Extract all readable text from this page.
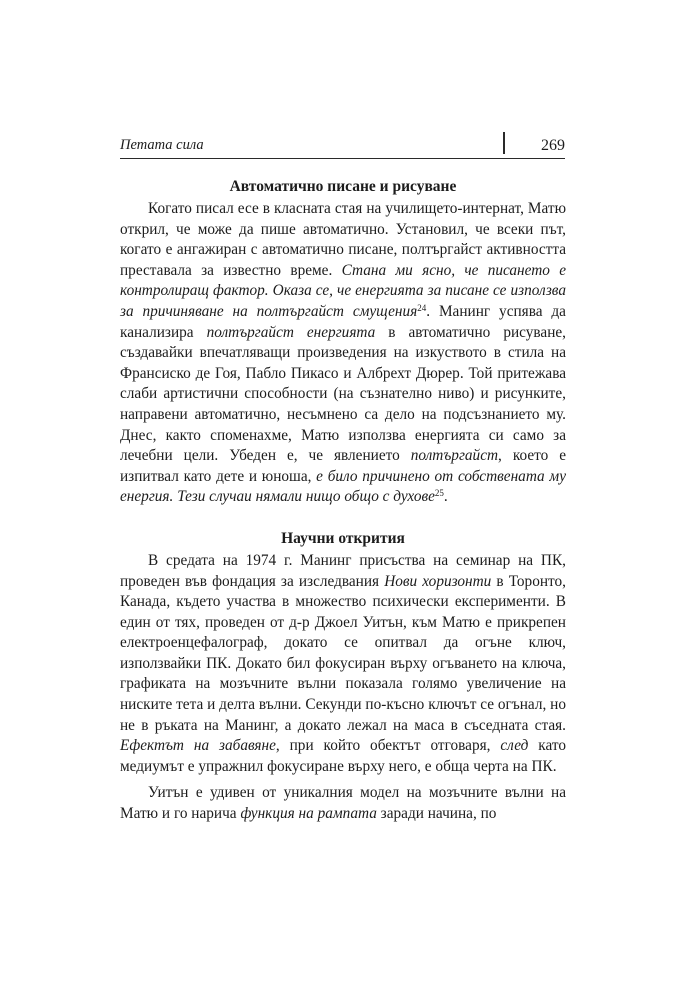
Петата сила	269
Автоматично писане и рисуване

Когато писал есе в класната стая на училището-интернат, Матю открил, че може да пише автоматично. Установил, че всеки път, когато е ангажиран с автоматично писане, полтъргайст активността преставала за известно време. Стана ми ясно, че писането е контролиращ фактор. Оказа се, че енергията за писане се използва за причиняване на полтъргайст смущения$^{24}$. Манинг успява да канализира полтъргайст енергията в автоматично рисуване, създавайки впечатляващи произведения на изкуството в стила на Франсиско де Гоя, Пабло Пикасо и Албрехт Дюрер. Той притежава слаби артистични способности (на съзнателно ниво) и рисунките, направени автоматично, несъмнено са дело на подсъзнанието му. Днес, както споменахме, Матю използва енергията си само за лечебни цели. Убеден е, че явлението полтъргайст, което е изпитвал като дете и юноша, е било причинено от собствената му енергия. Тези случаи нямали нищо общо с духове$^{25}$.

Научни открития

В средата на 1974 г. Манинг присъства на семинар на ПК, проведен във фондация за изследвания Нови хоризонти в Торонто, Канада, където участва в множество психически експерименти. В един от тях, проведен от д-р Джоел Уитън, към Матю е прикрепен електроенцефалограф, докато се опитвал да огъне ключ, използвайки ПК. Докато бил фокусиран върху огъването на ключа, графиката на мозъчните вълни показала голямо увеличение на ниските тета и делта вълни. Секунди по-късно ключът се огънал, но не в ръката на Манинг, а докато лежал на маса в съседната стая. Ефектът на забавяне, при който обектът отговаря, след като медиумът е упражнил фокусиране върху него, е обща черта на ПК.

Уитън е удивен от уникалния модел на мозъчните вълни на Матю и го нарича функция на рампата заради начина, по
